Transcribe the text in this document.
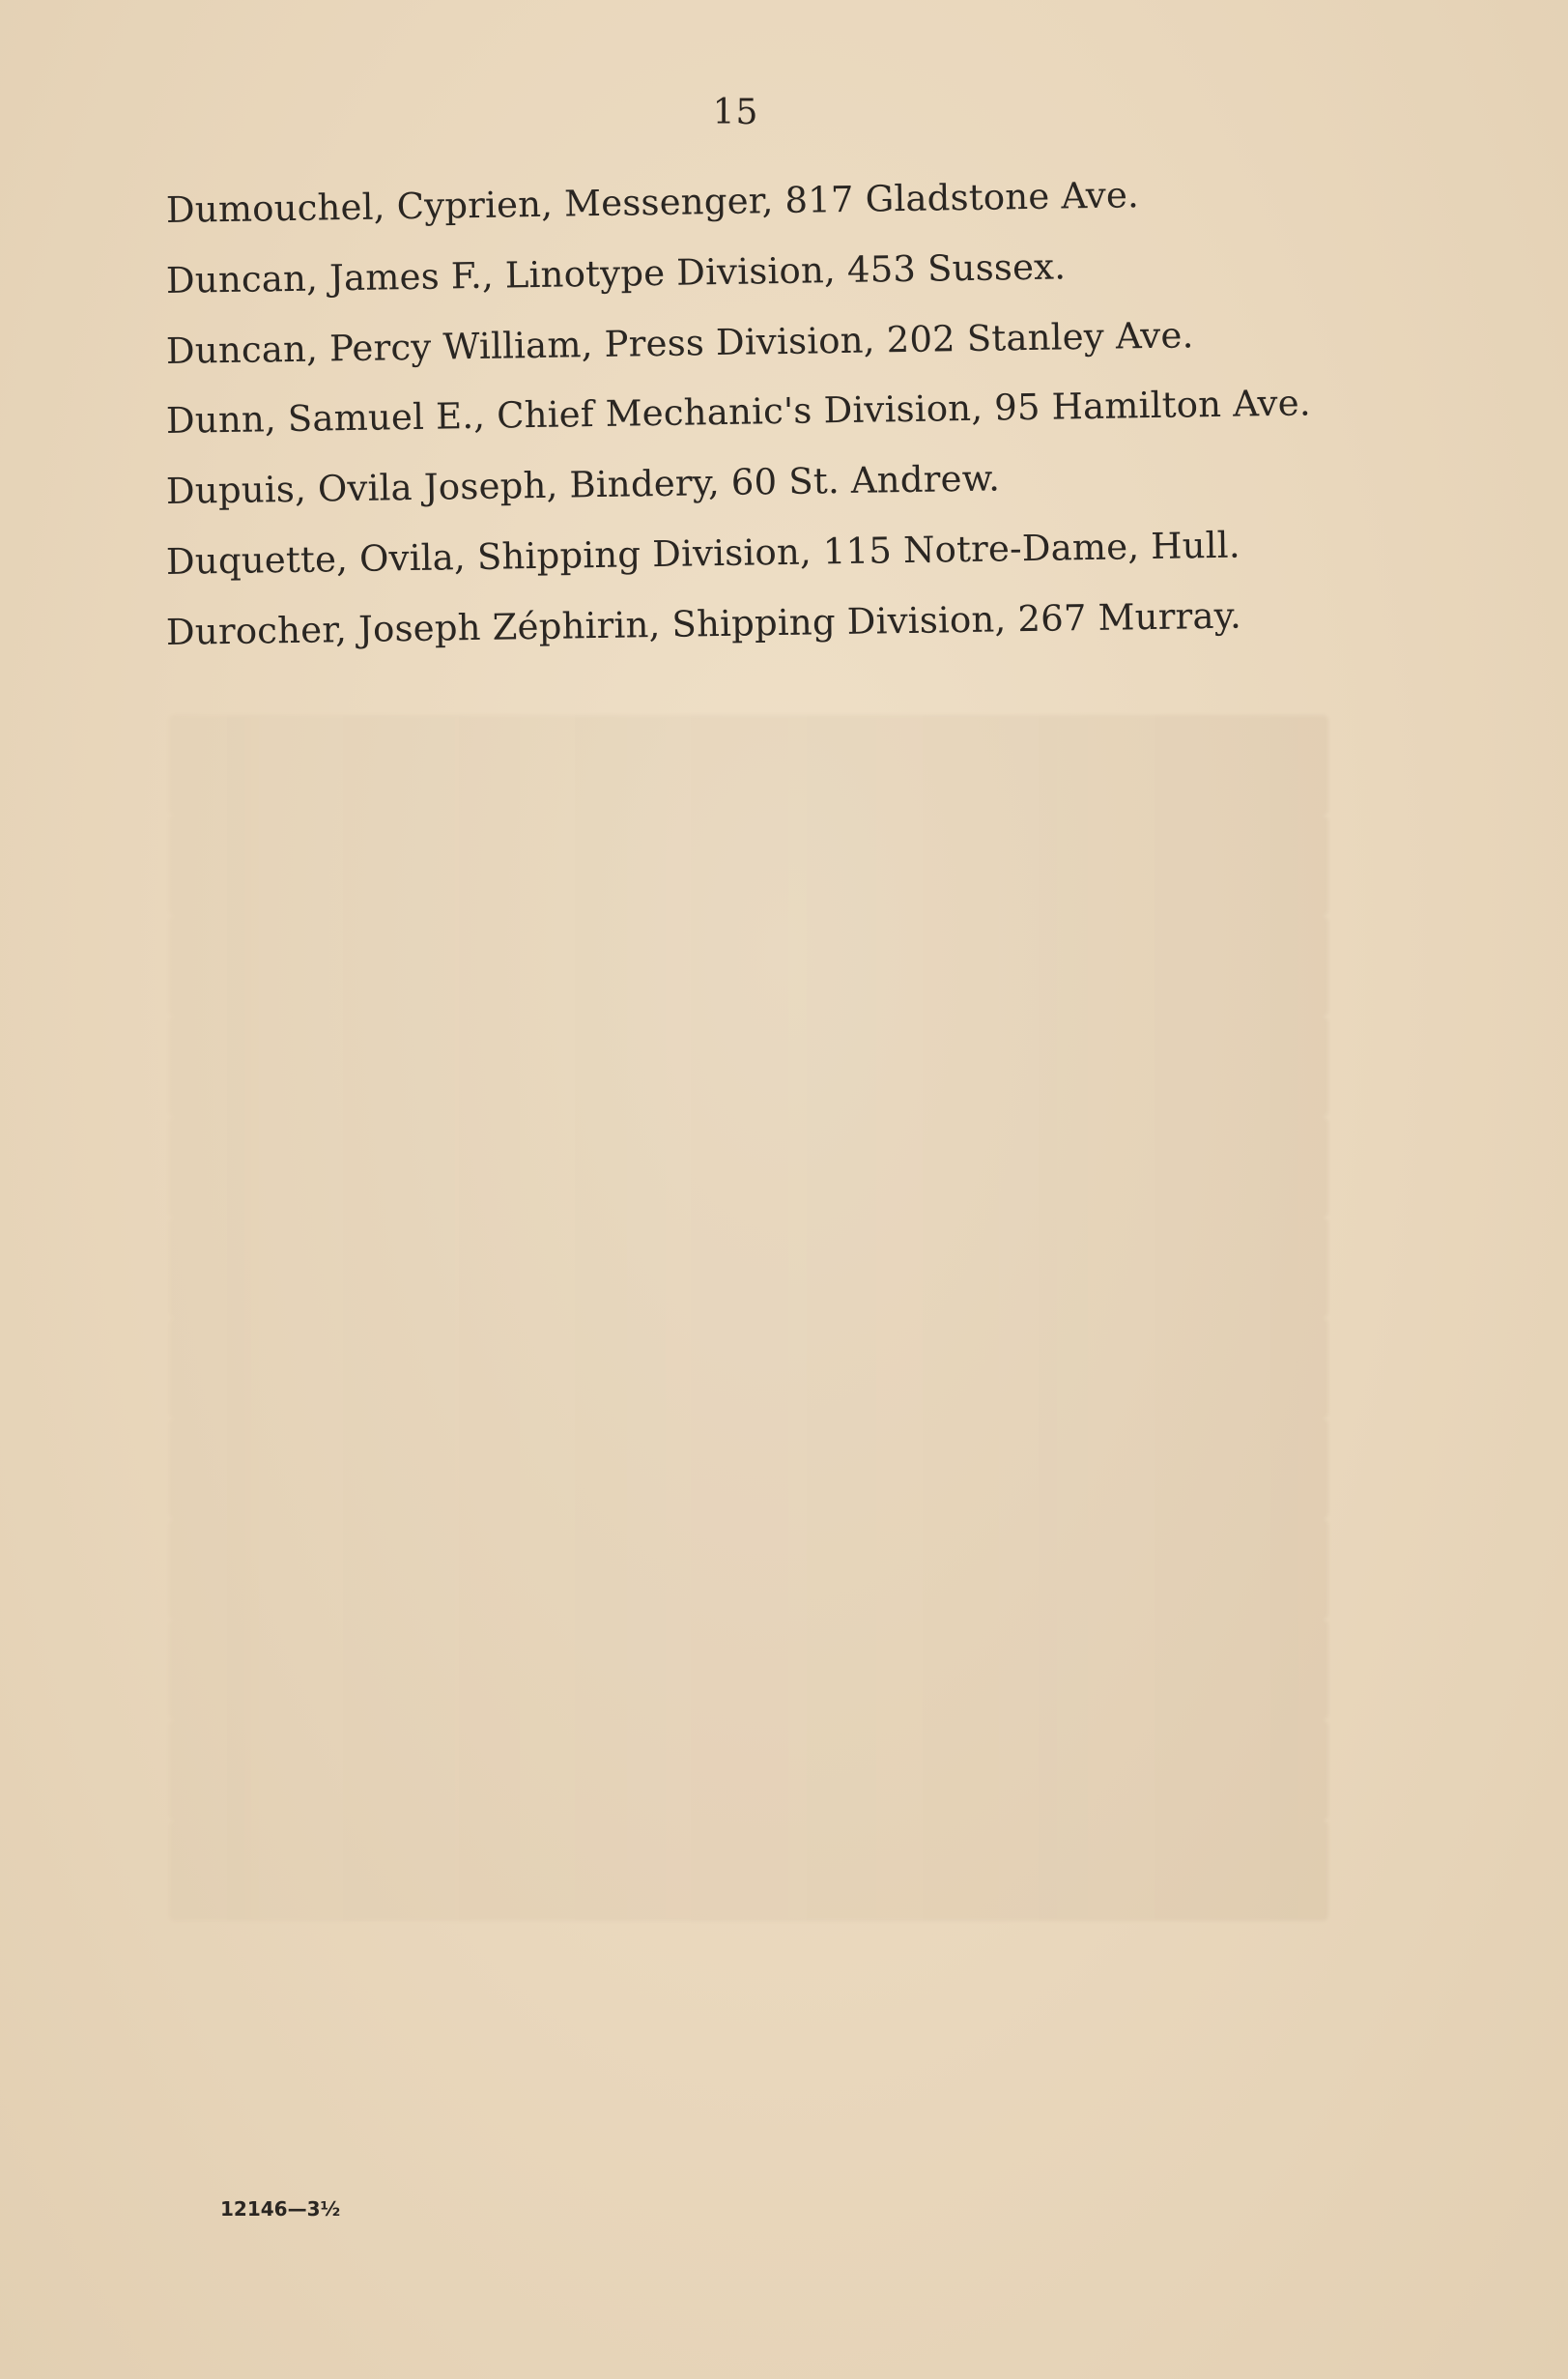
15
Dumouchel, Cyprien, Messenger, 817 Gladstone Ave.
Duncan, James F., Linotype Division, 453 Sussex.
Duncan, Percy William, Press Division, 202 Stanley Ave.
Dunn, Samuel E., Chief Mechanic's Division, 95 Hamilton Ave.
Dupuis, Ovila Joseph, Bindery, 60 St. Andrew.
Duquette, Ovila, Shipping Division, 115 Notre-Dame, Hull.
Durocher, Joseph Zéphirin, Shipping Division, 267 Murray.
12146—3½
